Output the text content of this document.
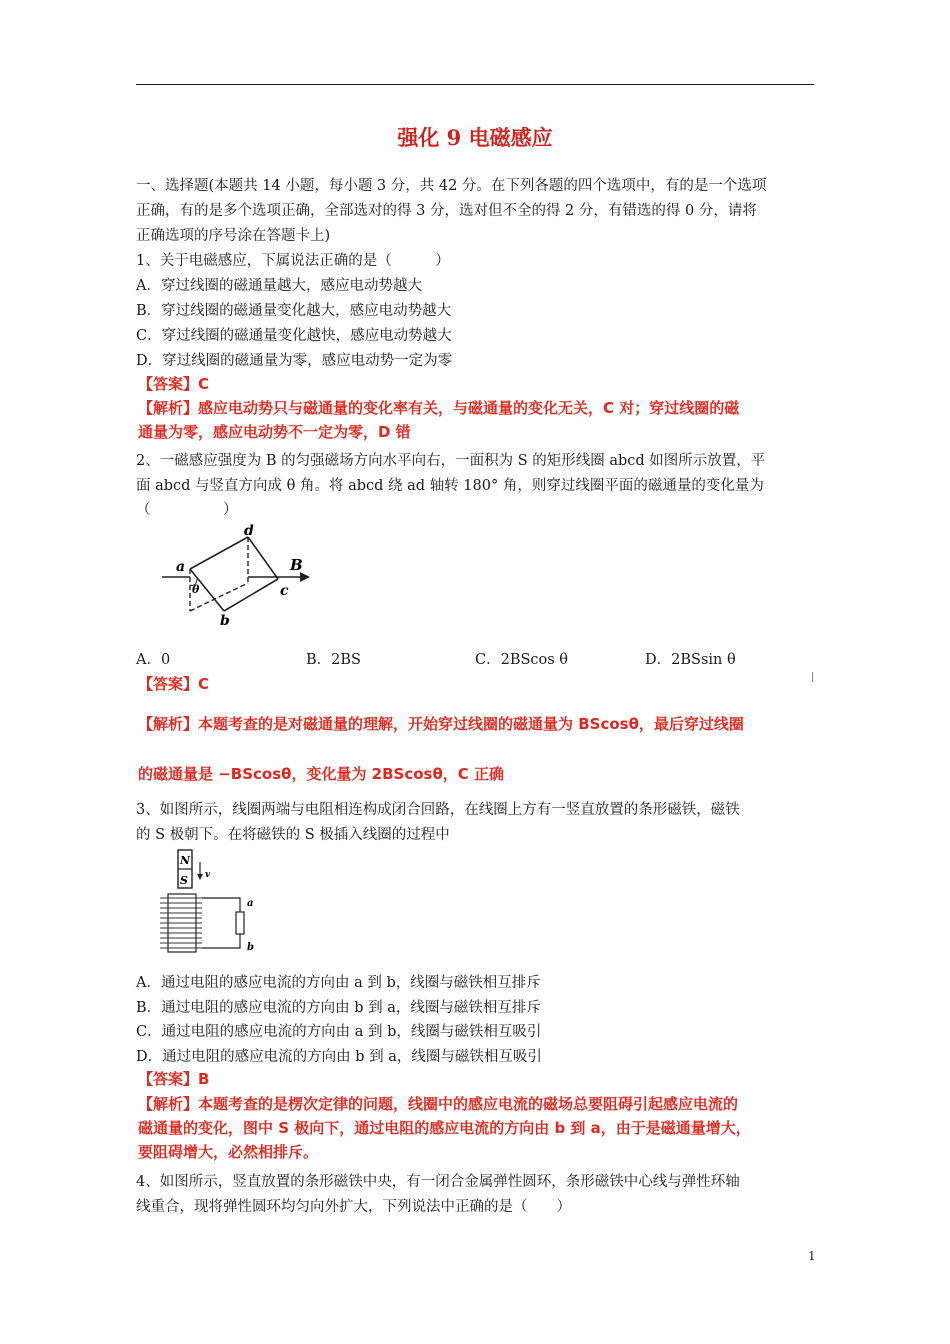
强化 9 电磁感应
一、选择题(本题共 14 小题，每小题 3 分，共 42 分。在下列各题的四个选项中，有的是一个选项
正确，有的是多个选项正确，全部选对的得 3 分，选对但不全的得 2 分，有错选的得 0 分，请将
正确选项的序号涂在答题卡上)
1、关于电磁感应，下属说法正确的是（　　　）
A．穿过线圈的磁通量越大，感应电动势越大
B．穿过线圈的磁通量变化越大，感应电动势越大
C．穿过线圈的磁通量变化越快，感应电动势越大
D．穿过线圈的磁通量为零，感应电动势一定为零
【答案】C
【解析】感应电动势只与磁通量的变化率有关，与磁通量的变化无关，C 对；穿过线圈的磁
通量为零，感应电动势不一定为零，D 错
2、一磁感应强度为 B 的匀强磁场方向水平向右，一面积为 S 的矩形线圈 abcd 如图所示放置，平
面 abcd 与竖直方向成 θ 角。将 abcd 绕 ad 轴转 180° 角，则穿过线圈平面的磁通量的变化量为
（　　　　　）
a
b
c
d
B
θ
A．0	B．2BS	C．2BScos θ	D．2BSsin θ
【答案】C
【解析】本题考查的是对磁通量的理解，开始穿过线圈的磁通量为 BScosθ，最后穿过线圈
的磁通量是 −BScosθ，变化量为 2BScosθ，C 正确
3、如图所示，线圈两端与电阻相连构成闭合回路，在线圈上方有一竖直放置的条形磁铁，磁铁
的 S 极朝下。在将磁铁的 S 极插入线圈的过程中
N
S v
a
b
A．通过电阻的感应电流的方向由 a 到 b，线圈与磁铁相互排斥
B．通过电阻的感应电流的方向由 b 到 a，线圈与磁铁相互排斥
C．通过电阻的感应电流的方向由 a 到 b，线圈与磁铁相互吸引
D．通过电阻的感应电流的方向由 b 到 a，线圈与磁铁相互吸引
【答案】B
【解析】本题考查的是楞次定律的问题，线圈中的感应电流的磁场总要阻碍引起感应电流的
磁通量的变化，图中 S 极向下，通过电阻的感应电流的方向由 b 到 a，由于是磁通量增大，
要阻碍增大，必然相排斥。
4、如图所示，竖直放置的条形磁铁中央，有一闭合金属弹性圆环，条形磁铁中心线与弹性环轴
线重合，现将弹性圆环均匀向外扩大，下列说法中正确的是（　　）
1
